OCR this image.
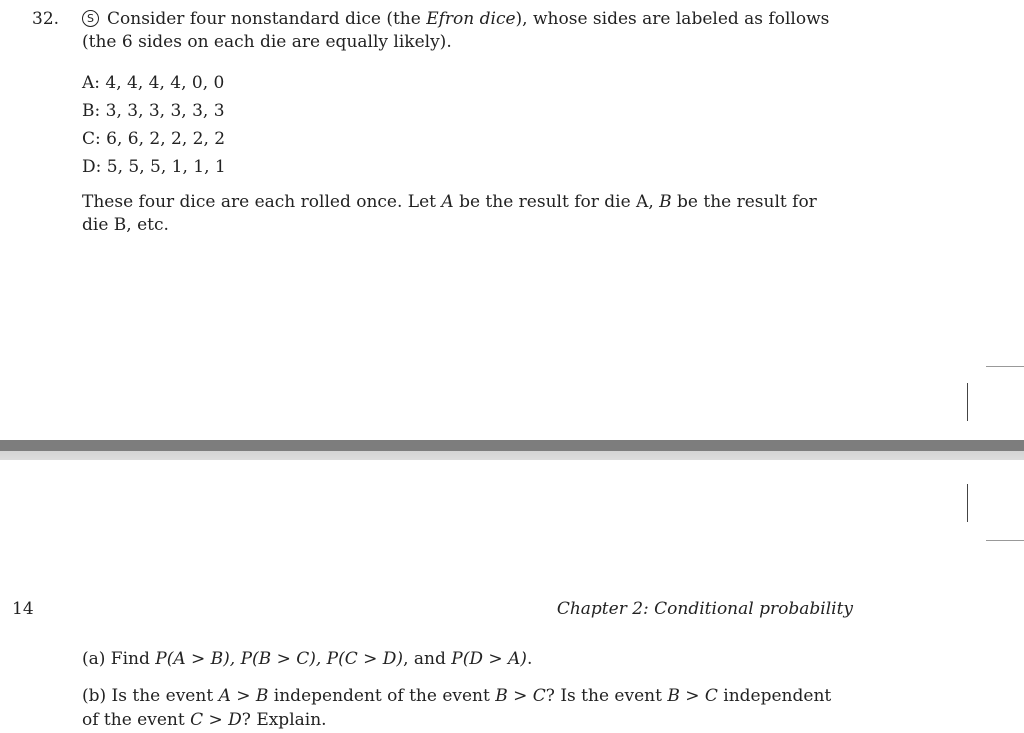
32.	S Consider four nonstandard dice (the Efron dice), whose sides are labeled as follows (the 6 sides on each die are equally likely).
A: 4, 4, 4, 4, 0, 0
B: 3, 3, 3, 3, 3, 3
C: 6, 6, 2, 2, 2, 2
D: 5, 5, 5, 1, 1, 1
These four dice are each rolled once. Let A be the result for die A, B be the result for die B, etc.
14	Chapter 2: Conditional probability
(a) Find P(A > B), P(B > C), P(C > D), and P(D > A).
(b) Is the event A > B independent of the event B > C? Is the event B > C independent of the event C > D? Explain.
